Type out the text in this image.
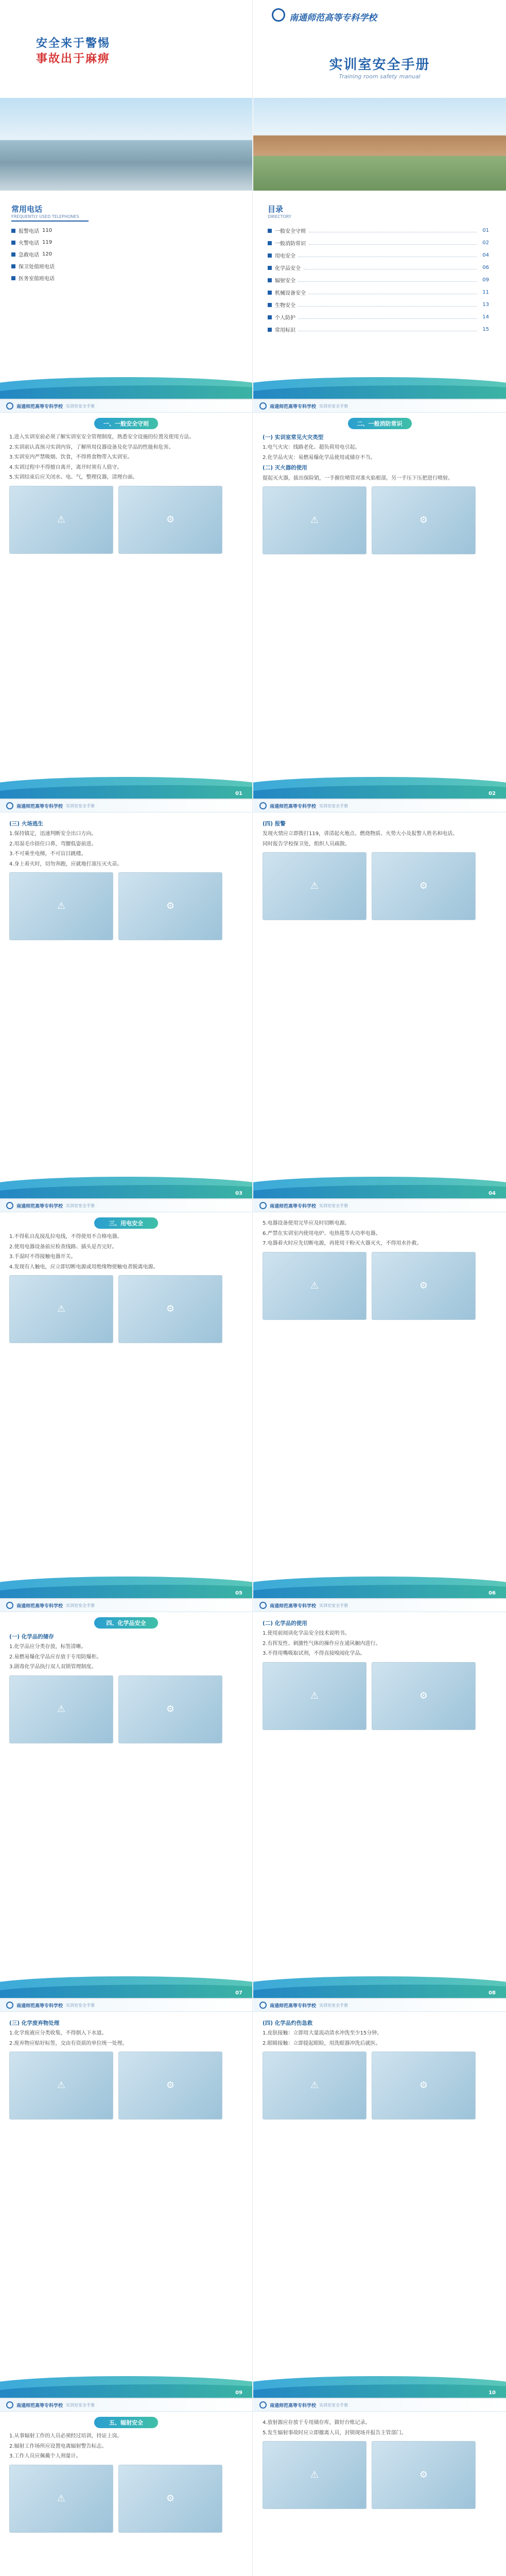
安全来于警惕
事故出于麻痹
常用电话
FREQUENTLY USED TELEPHONES
报警电话 110
火警电话 119
急救电话 120
保卫处值班电话
医务室值班电话
南通师范高等专科学校
实训室安全手册
Training room safety manual
目录
DIRECTORY
一般安全守则	01
一般消防常识	02
用电安全	04
化学品安全	06
辐射安全	09
机械设备安全	11
生物安全	13
个人防护	14
常用标识	15
南通师范高等专科学校 实训室安全手册
一、一般安全守则

1.进入实训室前必须了解实训室安全管理制度，熟悉安全设施的位置及使用方法。

2.实训前认真预习实训内容，了解所用仪器设备及化学品的性能和危害。

3.实训室内严禁吸烟、饮食，不得将食物带入实训室。

4.实训过程中不得擅自离开，离开时须有人值守。

5.实训结束后应关闭水、电、气，整理仪器，清理台面。

⚠	⚙
01
南通师范高等专科学校 实训室安全手册
二、一般消防常识

(一) 实训室常见火灾类型

1.电气火灾：线路老化、超负荷用电引起。

2.化学品火灾：易燃易爆化学品使用或储存不当。

(二) 灭火器的使用

提起灭火器，拔出保险销，一手握住喷管对准火焰根部，另一手压下压把进行喷射。

⚠	⚙
02
南通师范高等专科学校 实训室安全手册

(三) 火场逃生

1.保持镇定，迅速判断安全出口方向。

2.用湿毛巾捂住口鼻，弯腰低姿前进。

3.不可乘坐电梯，不可盲目跳楼。

4.身上着火时，切勿奔跑，应就地打滚压灭火苗。

⚠	⚙
03
南通师范高等专科学校 实训室安全手册

(四) 报警

发现火情应立即拨打119，讲清起火地点、燃烧物质、火势大小及报警人姓名和电话。

同时报告学校保卫处，组织人员疏散。

⚠	⚙
04
南通师范高等专科学校 实训室安全手册
三、用电安全

1.不得私自乱接乱拉电线，不得使用不合格电器。

2.使用电器设备前应检查线路、插头是否完好。

3.手湿时不得接触电器开关。

4.发现有人触电，应立即切断电源或用绝缘物使触电者脱离电源。

⚠	⚙
05
南通师范高等专科学校 实训室安全手册

5.电器设备使用完毕应及时切断电源。

6.严禁在实训室内使用电炉、电热毯等大功率电器。

7.电器着火时应先切断电源，再使用干粉灭火器灭火，不得用水扑救。

⚠	⚙
06
南通师范高等专科学校 实训室安全手册
四、化学品安全

(一) 化学品的储存

1.化学品应分类存放，标签清晰。

2.易燃易爆化学品应存放于专用防爆柜。

3.剧毒化学品执行双人双锁管理制度。

⚠	⚙
07
南通师范高等专科学校 实训室安全手册

(二) 化学品的使用

1.使用前阅读化学品安全技术说明书。

2.有挥发性、刺激性气体的操作应在通风橱内进行。

3.不得用嘴吸取试剂，不得直接嗅闻化学品。

⚠	⚙
08
南通师范高等专科学校 实训室安全手册

(三) 化学废弃物处理

1.化学废液应分类收集，不得倒入下水道。

2.废弃物应贴好标签，交由有资质的单位统一处理。

⚠	⚙
09
南通师范高等专科学校 实训室安全手册

(四) 化学品灼伤急救

1.皮肤接触：立即用大量流动清水冲洗至少15分钟。

2.眼睛接触：立即提起眼睑，用洗眼器冲洗后就医。

⚠	⚙
10
南通师范高等专科学校 实训室安全手册
五、辐射安全

1.从事辐射工作的人员必须经过培训，持证上岗。

2.辐射工作场所应设置电离辐射警告标志。

3.工作人员应佩戴个人剂量计。

⚠	⚙
南通师范高等专科学校 实训室安全手册

4.放射源应存放于专用储存库，做好台账记录。

5.发生辐射事故时应立即撤离人员，封锁现场并报告主管部门。

⚠	⚙
